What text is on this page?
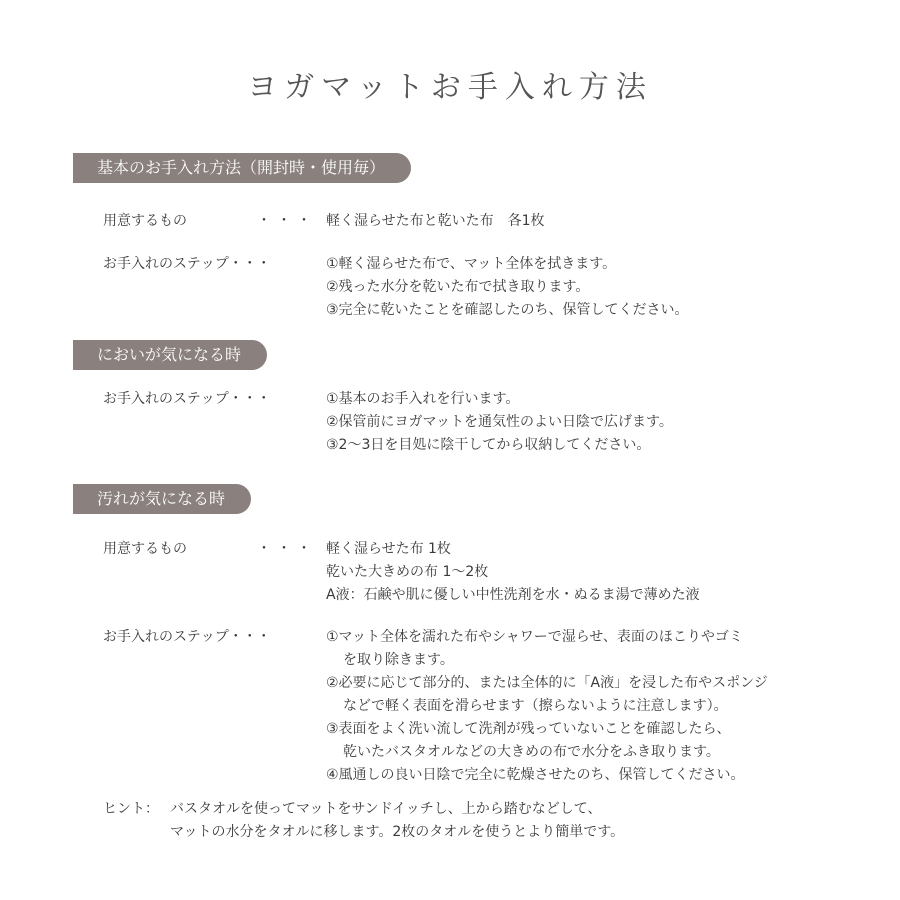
ヨガマットお手入れ方法
基本のお手入れ方法（開封時・使用毎）
用意するもの	・・・ 軽く湿らせた布と乾いた布　各1枚
お手入れのステップ・・・	①軽く湿らせた布で、マット全体を拭きます。
②残った水分を乾いた布で拭き取ります。
③完全に乾いたことを確認したのち、保管してください。
においが気になる時
お手入れのステップ・・・	①基本のお手入れを行います。
②保管前にヨガマットを通気性のよい日陰で広げます。
③2～3日を目処に陰干してから収納してください。
汚れが気になる時
用意するもの	・・・ 軽く湿らせた布 1枚
乾いた大きめの布 1～2枚
A液：石鹸や肌に優しい中性洗剤を水・ぬるま湯で薄めた液
お手入れのステップ・・・	①マット全体を濡れた布やシャワーで湿らせ、表面のほこりやゴミ
を取り除きます。
②必要に応じて部分的、または全体的に「A液」を浸した布やスポンジ
などで軽く表面を滑らせます（擦らないように注意します）。
③表面をよく洗い流して洗剤が残っていないことを確認したら、
乾いたバスタオルなどの大きめの布で水分をふき取ります。
④風通しの良い日陰で完全に乾燥させたのち、保管してください。
ヒント： バスタオルを使ってマットをサンドイッチし、上から踏むなどして、
マットの水分をタオルに移します。2枚のタオルを使うとより簡単です。
